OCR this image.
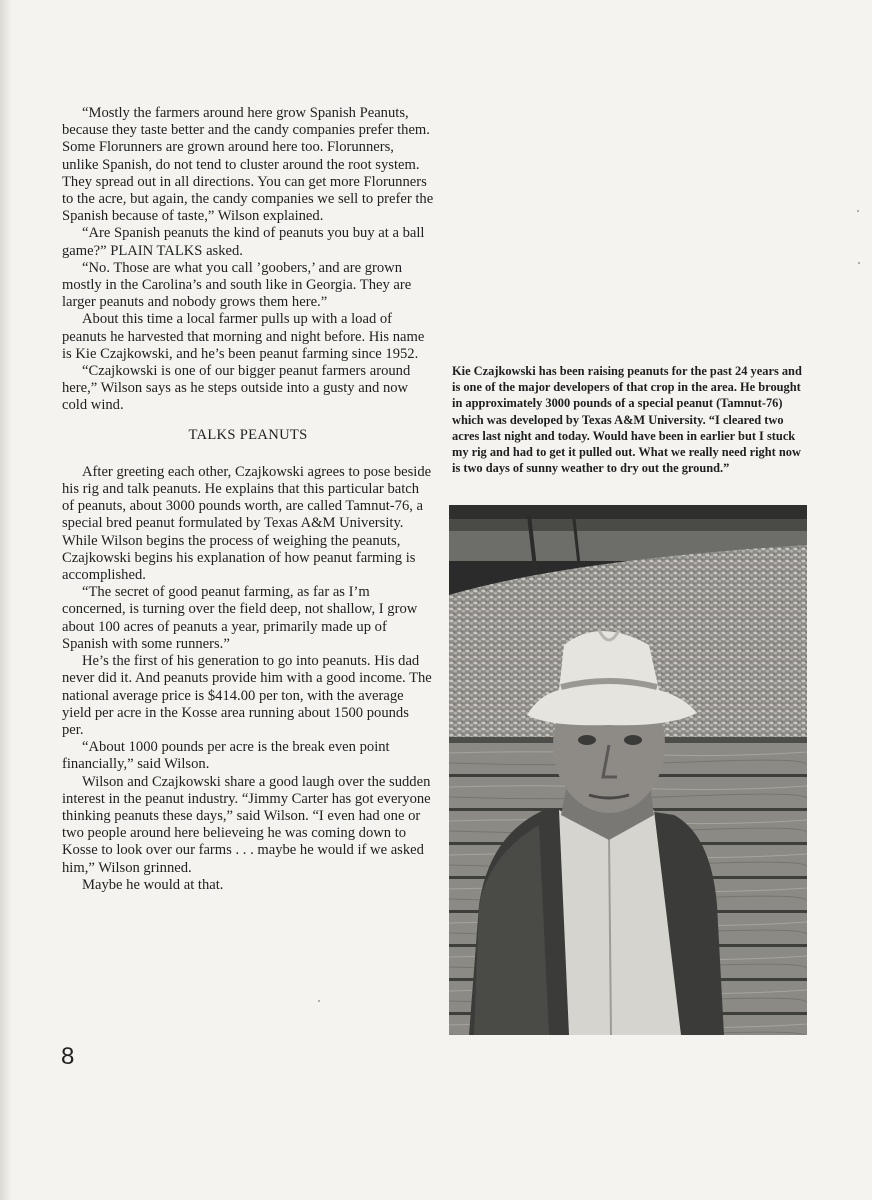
“Mostly the farmers around here grow Spanish Peanuts, because they taste better and the candy companies prefer them. Some Florunners are grown around here too. Florunners, unlike Spanish, do not tend to cluster around the root system. They spread out in all directions. You can get more Florunners to the acre, but again, the candy companies we sell to prefer the Spanish because of taste,” Wilson explained.

“Are Spanish peanuts the kind of peanuts you buy at a ball game?” PLAIN TALKS asked.

“No. Those are what you call ’goobers,’ and are grown mostly in the Carolina’s and south like in Georgia. They are larger peanuts and nobody grows them here.”

About this time a local farmer pulls up with a load of peanuts he harvested that morning and night before. His name is Kie Czajkowski, and he’s been peanut farming since 1952.

“Czajkowski is one of our bigger peanut farmers around here,” Wilson says as he steps outside into a gusty and now cold wind.

TALKS PEANUTS

After greeting each other, Czajkowski agrees to pose beside his rig and talk peanuts. He explains that this particular batch of peanuts, about 3000 pounds worth, are called Tamnut-76, a special bred peanut formulated by Texas A&M University. While Wilson begins the process of weighing the peanuts, Czajkowski begins his explanation of how peanut farming is accomplished.

“The secret of good peanut farming, as far as I’m concerned, is turning over the field deep, not shallow, I grow about 100 acres of peanuts a year, primarily made up of Spanish with some runners.”

He’s the first of his generation to go into peanuts. His dad never did it. And peanuts provide him with a good income. The national average price is $414.00 per ton, with the average yield per acre in the Kosse area running about 1500 pounds per.

“About 1000 pounds per acre is the break even point financially,” said Wilson.

Wilson and Czajkowski share a good laugh over the sudden interest in the peanut industry. “Jimmy Carter has got everyone thinking peanuts these days,” said Wilson. “I even had one or two people around here believeing he was coming down to Kosse to look over our farms . . . maybe he would if we asked him,” Wilson grinned.

Maybe he would at that.

Kie Czajkowski has been raising peanuts for the past 24 years and is one of the major developers of that crop in the area. He brought in approximately 3000 pounds of a special peanut (Tamnut-76) which was developed by Texas A&M University. “I cleared two acres last night and today. Would have been in earlier but I stuck my rig and had to get it pulled out. What we really need right now is two days of sunny weather to dry out the ground.”
8
